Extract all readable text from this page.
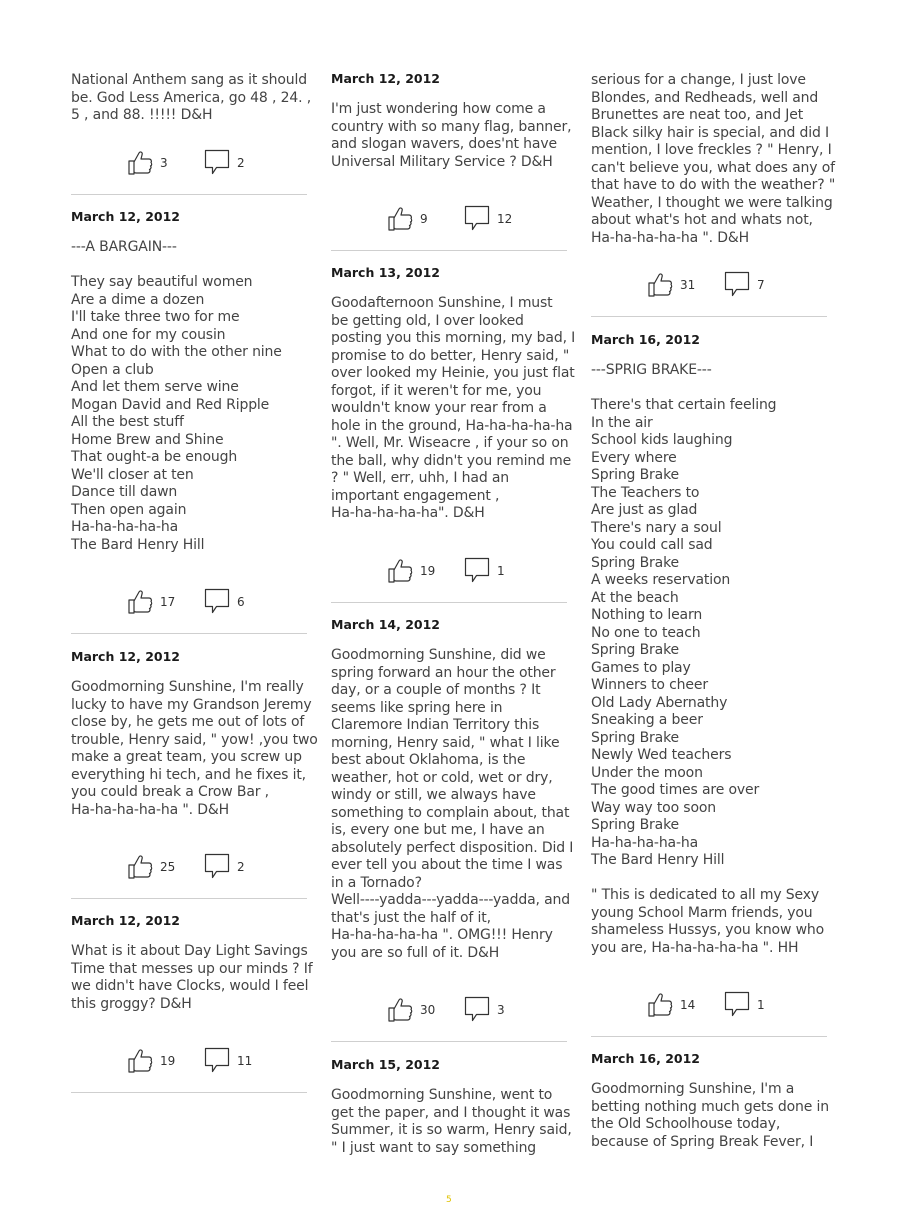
National Anthem sang as it should

be. God Less America, go 48 , 24. ,

5 , and 88. !!!!! D&H

3	2
March 12, 2012

---A BARGAIN---

They say beautiful women

Are a dime a dozen

I'll take three two for me

And one for my cousin

What to do with the other nine

Open a club

And let them serve wine

Mogan David and Red Ripple

All the best stuff

Home Brew and Shine

That ought-a be enough

We'll closer at ten

Dance till dawn

Then open again

Ha-ha-ha-ha-ha

The Bard Henry Hill

17	6
March 12, 2012

Goodmorning Sunshine, I'm really

lucky to have my Grandson Jeremy

close by, he gets me out of lots of

trouble, Henry said, " yow! ,you two

make a great team, you screw up

everything hi tech, and he fixes it,

you could break a Crow Bar ,

Ha-ha-ha-ha-ha ". D&H

25	2
March 12, 2012

What is it about Day Light Savings

Time that messes up our minds ? If

we didn't have Clocks, would I feel

this groggy? D&H

19	11
March 12, 2012

I'm just wondering how come a

country with so many flag, banner,

and slogan wavers, does'nt have

Universal Military Service ? D&H

9	12
March 13, 2012

Goodafternoon Sunshine, I must

be getting old, I over looked

posting you this morning, my bad, I

promise to do better, Henry said, "

over looked my Heinie, you just flat

forgot, if it weren't for me, you

wouldn't know your rear from a

hole in the ground, Ha-ha-ha-ha-ha

". Well, Mr. Wiseacre , if your so on

the ball, why didn't you remind me

? " Well, err, uhh, I had an

important engagement ,

Ha-ha-ha-ha-ha". D&H

19	1
March 14, 2012

Goodmorning Sunshine, did we

spring forward an hour the other

day, or a couple of months ? It

seems like spring here in

Claremore Indian Territory this

morning, Henry said, " what I like

best about Oklahoma, is the

weather, hot or cold, wet or dry,

windy or still, we always have

something to complain about, that

is, every one but me, I have an

absolutely perfect disposition. Did I

ever tell you about the time I was

in a Tornado?

Well----yadda---yadda---yadda, and

that's just the half of it,

Ha-ha-ha-ha-ha ". OMG!!! Henry

you are so full of it. D&H

30	3
March 15, 2012

Goodmorning Sunshine, went to

get the paper, and I thought it was

Summer, it is so warm, Henry said,

" I just want to say something

serious for a change, I just love

Blondes, and Redheads, well and

Brunettes are neat too, and Jet

Black silky hair is special, and did I

mention, I love freckles ? " Henry, I

can't believe you, what does any of

that have to do with the weather? "

Weather, I thought we were talking

about what's hot and whats not,

Ha-ha-ha-ha-ha ". D&H

31	7
March 16, 2012

---SPRIG BRAKE---

There's that certain feeling

In the air

School kids laughing

Every where

Spring Brake

The Teachers to

Are just as glad

There's nary a soul

You could call sad

Spring Brake

A weeks reservation

At the beach

Nothing to learn

No one to teach

Spring Brake

Games to play

Winners to cheer

Old Lady Abernathy

Sneaking a beer

Spring Brake

Newly Wed teachers

Under the moon

The good times are over

Way way too soon

Spring Brake

Ha-ha-ha-ha-ha

The Bard Henry Hill

" This is dedicated to all my Sexy

young School Marm friends, you

shameless Hussys, you know who

you are, Ha-ha-ha-ha-ha ". HH

14	1
March 16, 2012

Goodmorning Sunshine, I'm a

betting nothing much gets done in

the Old Schoolhouse today,

because of Spring Break Fever, I

5
